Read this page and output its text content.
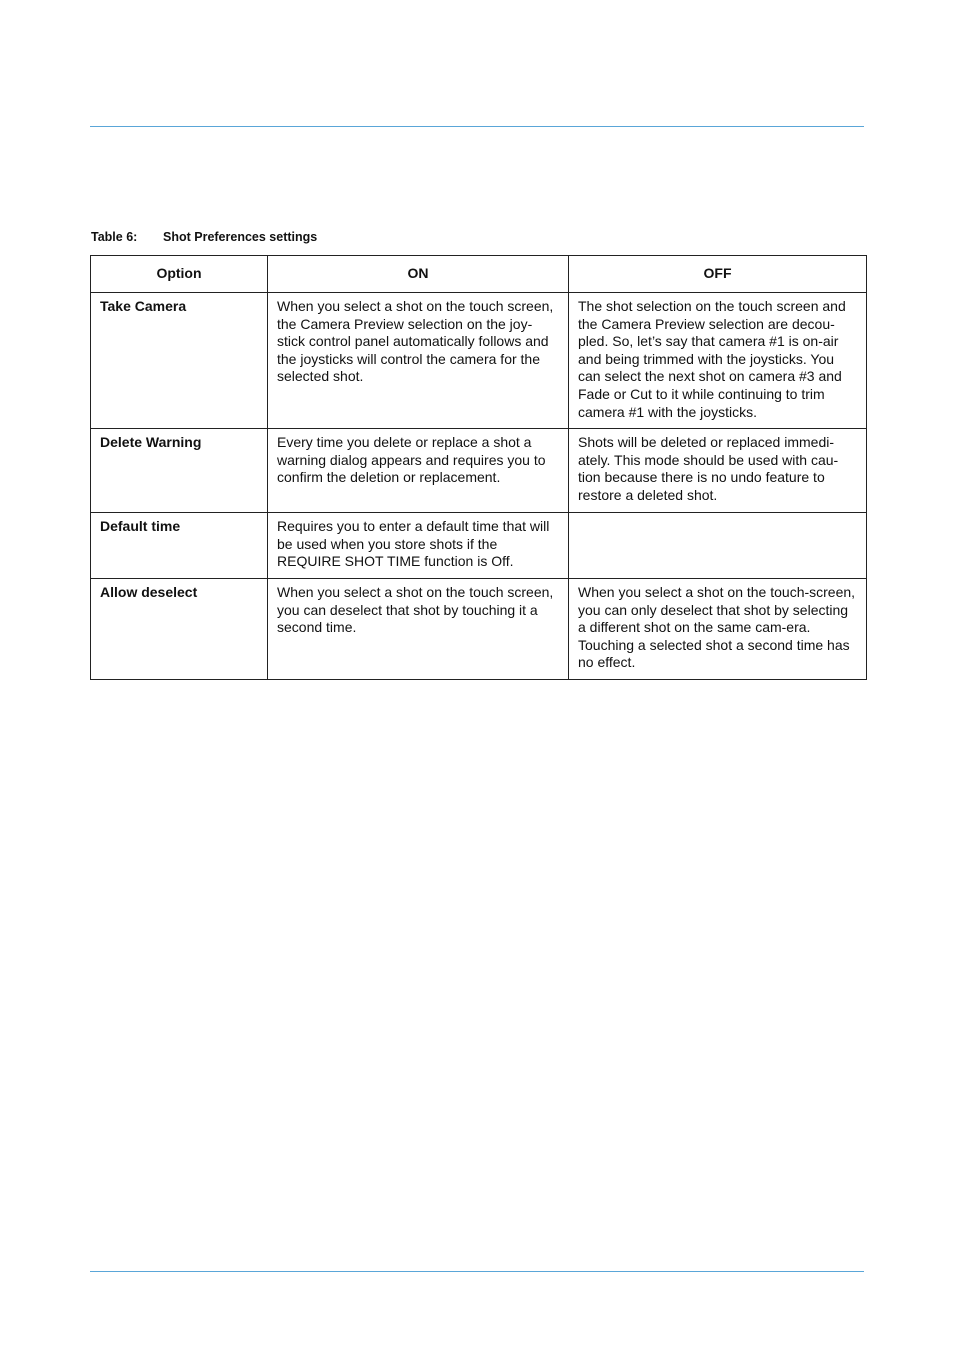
Table 6: Shot Preferences settings
Option	ON	OFF
Take Camera	When you select a shot on the touch screen, the Camera Preview selection on the joy-stick control panel automatically follows and the joysticks will control the camera for the selected shot.	The shot selection on the touch screen and the Camera Preview selection are decou-pled. So, let’s say that camera #1 is on-air and being trimmed with the joysticks. You can select the next shot on camera #3 and Fade or Cut to it while continuing to trim camera #1 with the joysticks.
Delete Warning	Every time you delete or replace a shot a warning dialog appears and requires you to confirm the deletion or replacement.	Shots will be deleted or replaced immedi-ately. This mode should be used with cau-tion because there is no undo feature to restore a deleted shot.
Default time	Requires you to enter a default time that will be used when you store shots if the REQUIRE SHOT TIME function is Off.	
Allow deselect	When you select a shot on the touch screen, you can deselect that shot by touching it a second time.	When you select a shot on the touch-screen, you can only deselect that shot by selecting a different shot on the same cam-era. Touching a selected shot a second time has no effect.
